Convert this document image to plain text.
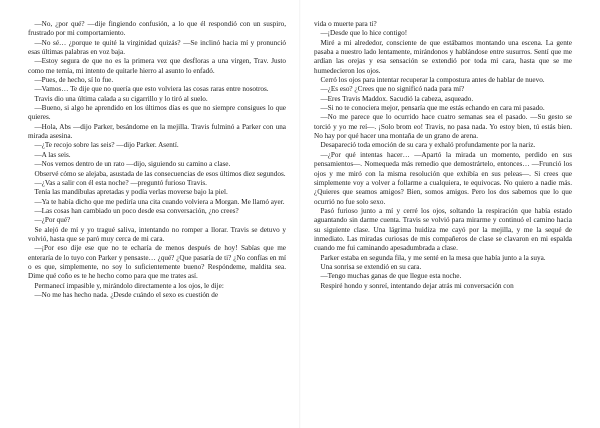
—No, ¿por qué? —dije fingiendo confusión, a lo que él respondió con un suspiro, frustrado por mi comportamiento.

—No sé… ¿porque te quité la virginidad quizás? —Se inclinó hacia mí y pronunció esas últimas palabras en voz baja.

—Estoy segura de que no es la primera vez que desfloras a una virgen, Trav. Justo como me temía, mi intento de quitarle hierro al asunto lo enfadó.

—Pues, de hecho, sí lo fue.

—Vamos… Te dije que no quería que esto volviera las cosas raras entre nosotros.

Travis dio una última calada a su cigarrillo y lo tiró al suelo.

—Bueno, si algo he aprendido en los últimos días es que no siempre consigues lo que quieres.

—Hola, Abs —dijo Parker, besándome en la mejilla. Travis fulminó a Parker con una mirada asesina.

—¿Te recojo sobre las seis? —dijo Parker. Asentí.

—A las seis.

—Nos vemos dentro de un rato —dijo, siguiendo su camino a clase.

Observé cómo se alejaba, asustada de las consecuencias de esos últimos diez segundos.

—¿Vas a salir con él esta noche? —preguntó furioso Travis.

Tenía las mandíbulas apretadas y podía verlas moverse bajo la piel.

—Ya te había dicho que me pediría una cita cuando volviera a Morgan. Me llamó ayer.

—Las cosas han cambiado un poco desde esa conversación, ¿no crees?

—¿Por qué?

Se alejó de mí y yo tragué saliva, intentando no romper a llorar. Travis se detuvo y volvió, hasta que se paró muy cerca de mi cara.

—¡Por eso dije ese que no te echaría de menos después de hoy! Sabías que me enteraría de lo tuyo con Parker y pensaste… ¿qué? ¿Que pasaría de ti? ¿No confías en mí o es que, simplemente, no soy lo suficientemente bueno? Respóndeme, maldita sea. Dime qué coño es te he hecho como para que me trates así.

Permanecí impasible y, mirándolo directamente a los ojos, le dije:

—No me has hecho nada. ¿Desde cuándo el sexo es cuestión de

vida o muerte para ti?

—¡Desde que lo hice contigo!

Miré a mi alrededor, consciente de que estábamos montando una escena. La gente pasaba a nuestro lado lentamente, mirándonos y hablándose entre susurros. Sentí que me ardían las orejas y esa sensación se extendió por toda mi cara, hasta que se me humedecieron los ojos.

Cerró los ojos para intentar recuperar la compostura antes de hablar de nuevo.

—¿Es eso? ¿Crees que no significó nada para mí?

—Eres Travis Maddox. Sacudió la cabeza, asqueado.

—Si no te conociera mejor, pensaría que me estás echando en cara mi pasado.

—No me parece que lo ocurrido hace cuatro semanas sea el pasado. —Su gesto se torció y yo me reí—. ¡Solo brom eo! Travis, no pasa nada. Yo estoy bien, tú estás bien. No hay por qué hacer una montaña de un grano de arena.

Desapareció toda emoción de su cara y exhaló profundamente por la nariz.

—¿Por qué intentas hacer… —Apartó la mirada un momento, perdido en sus pensamientos—. Nomequeda más remedio que demostrártelo, entonces… —Frunció los ojos y me miró con la misma resolución que exhibía en sus peleas—. Si crees que simplemente voy a volver a follarme a cualquiera, te equivocas. No quiero a nadie más. ¿Quieres que seamos amigos? Bien, somos amigos. Pero los dos sabemos que lo que ocurrió no fue solo sexo.

Pasó furioso junto a mí y cerré los ojos, soltando la respiración que había estado aguantando sin darme cuenta. Travis se volvió para mirarme y continuó el camino hacia su siguiente clase. Una lágrima huidiza me cayó por la mejilla, y me la sequé de inmediato. Las miradas curiosas de mis compañeros de clase se clavaron en mi espalda cuando me fui caminando apesadumbrada a clase.

Parker estaba en segunda fila, y me senté en la mesa que había junto a la suya.

Una sonrisa se extendió en su cara.

—Tengo muchas ganas de que llegue esta noche.

Respiré hondo y sonreí, intentando dejar atrás mi conversación con
